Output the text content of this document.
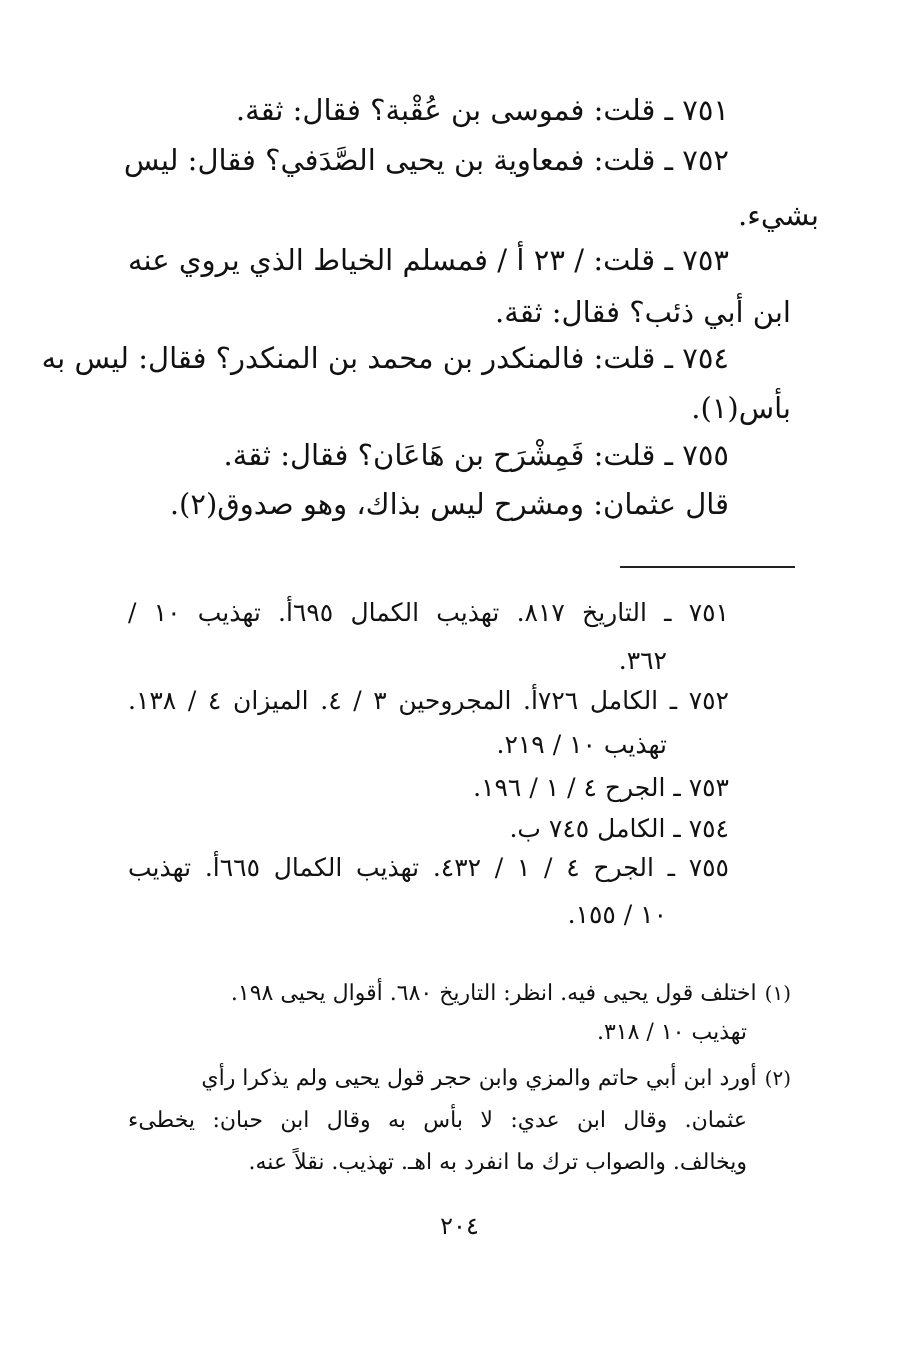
٧٥١ ـ قلت: فموسى بن عُقْبة؟ فقال: ثقة.
٧٥٢ ـ قلت: فمعاوية بن يحيى الصَّدَفي؟ فقال: ليس
بشيء.
٧٥٣ ـ قلت: / ٢٣ أ / فمسلم الخياط الذي يروي عنه
ابن أبي ذئب؟ فقال: ثقة.
٧٥٤ ـ قلت: فالمنكدر بن محمد بن المنكدر؟ فقال: ليس به
بأس(١).
٧٥٥ ـ قلت: فَمِشْرَح بن هَاعَان؟ فقال: ثقة.
قال عثمان: ومشرح ليس بذاك، وهو صدوق(٢).
٧٥١ ـ التاريخ ٨١٧. تهذيب الكمال ٦٩٥أ. تهذيب ١٠ /
٣٦٢.
٧٥٢ ـ الكامل ٧٢٦أ. المجروحين ٣ / ٤. الميزان ٤ / ١٣٨.
تهذيب ١٠ / ٢١٩.
٧٥٣ ـ الجرح ٤ / ١ / ١٩٦.
٧٥٤ ـ الكامل ٧٤٥ ب.
٧٥٥ ـ الجرح ٤ / ١ / ٤٣٢. تهذيب الكمال ٦٦٥أ. تهذيب
١٠ / ١٥٥.
(١)اختلف قول يحيى فيه. انظر: التاريخ ٦٨٠. أقوال يحيى ١٩٨.
تهذيب ١٠ / ٣١٨.
(٢)أورد ابن أبي حاتم والمزي وابن حجر قول يحيى ولم يذكرا رأي
عثمان. وقال ابن عدي: لا بأس به وقال ابن حبان: يخطىء
ويخالف. والصواب ترك ما انفرد به اهـ. تهذيب. نقلاً عنه.
٢٠٤
